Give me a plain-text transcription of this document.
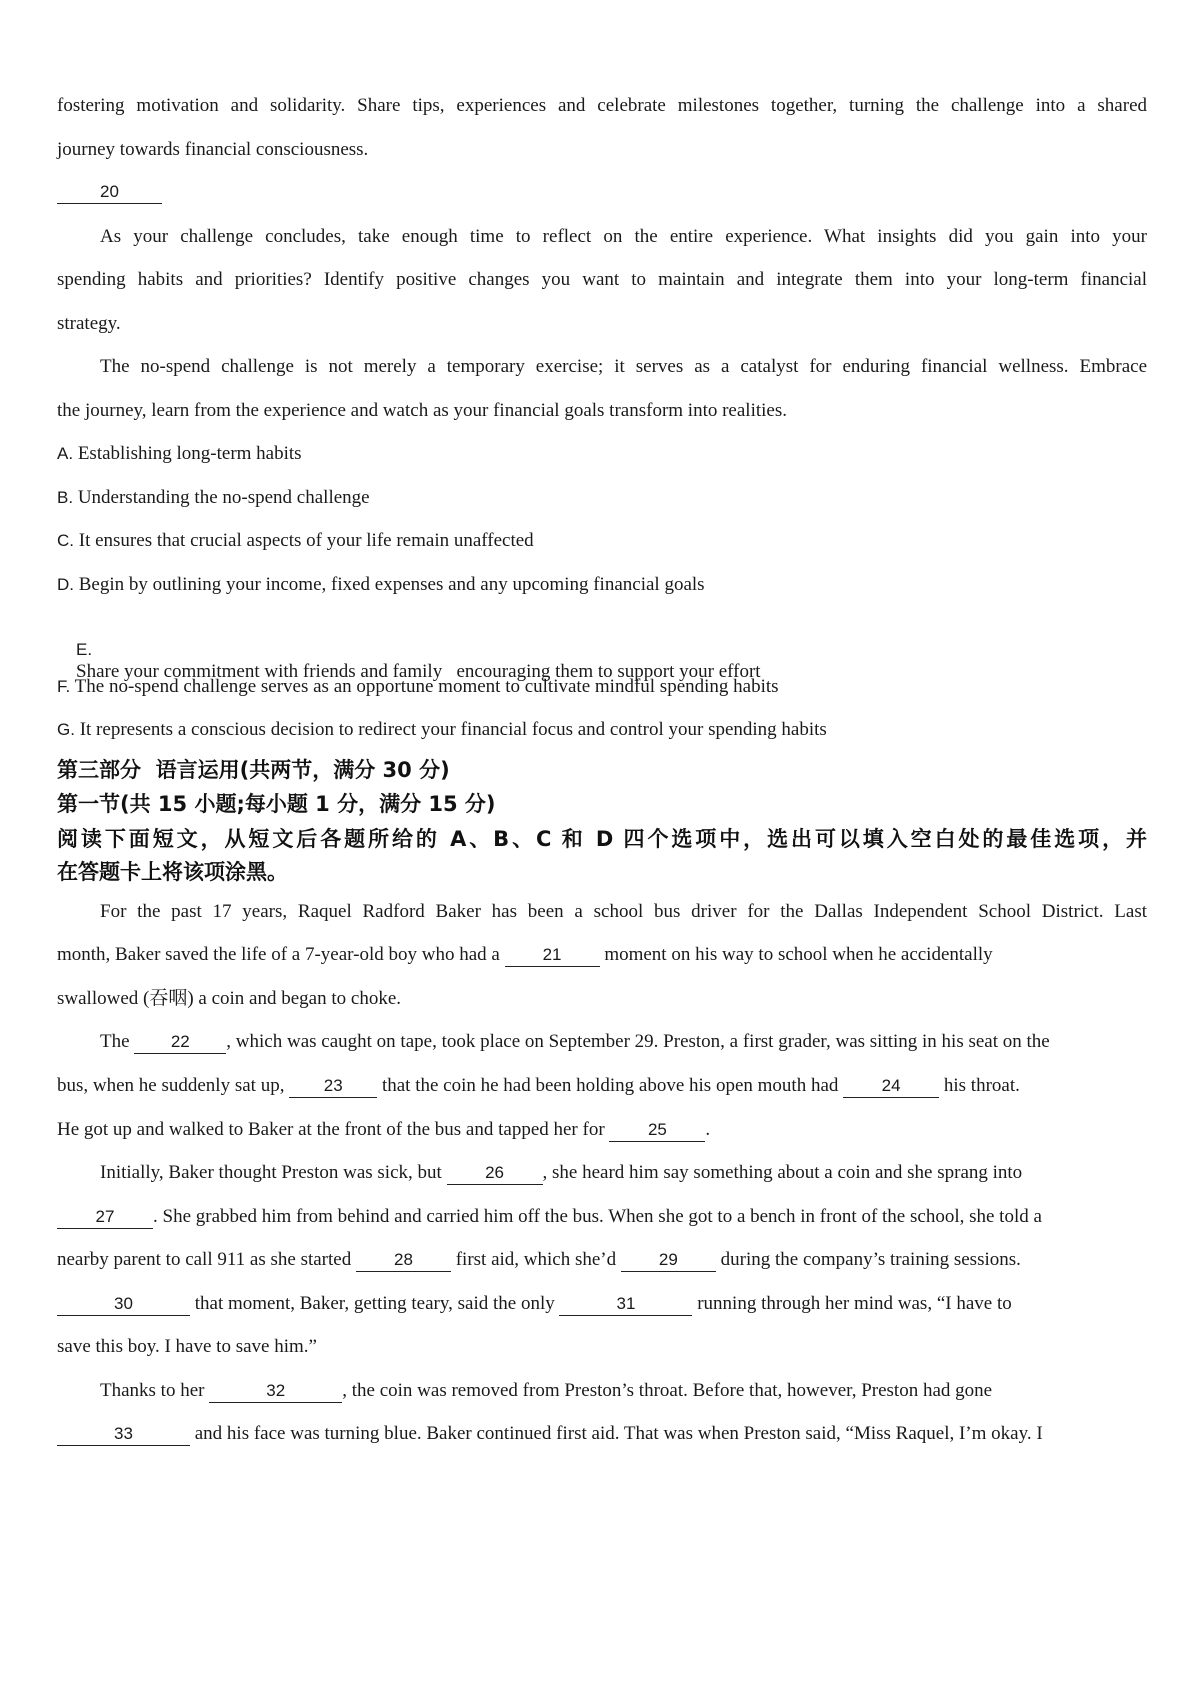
fostering motivation and solidarity. Share tips, experiences and celebrate milestones together, turning the challenge into a shared
journey towards financial consciousness.
20
As your challenge concludes, take enough time to reflect on the entire experience. What insights did you gain into your
spending habits and priorities? Identify positive changes you want to maintain and integrate them into your long-term financial
strategy.
The no-spend challenge is not merely a temporary exercise; it serves as a catalyst for enduring financial wellness. Embrace
the journey, learn from the experience and watch as your financial goals transform into realities.
A. Establishing long-term habits
B. Understanding the no-spend challenge
C. It ensures that crucial aspects of your life remain unaffected
D. Begin by outlining your income, fixed expenses and any upcoming financial goals

E.
Share your commitment with friends and family   encouraging them to support your effort

F. The no-spend challenge serves as an opportune moment to cultivate mindful spending habits
G. It represents a conscious decision to redirect your financial focus and control your spending habits
第三部分  语言运用(共两节，满分 30 分)
第一节(共 15 小题;每小题 1 分，满分 15 分)
阅读下面短文，从短文后各题所给的 A、B、C 和 D 四个选项中，选出可以填入空白处的最佳选项，并
在答题卡上将该项涂黑。
For the past 17 years, Raquel Radford Baker has been a school bus driver for the Dallas Independent School District. Last
month, Baker saved the life of a 7-year-old boy who had a	21 moment on his way to school when he accidentally
swallowed (吞咽) a coin and began to choke.
The 22 , which was caught on tape, took place on September 29. Preston, a first grader, was sitting in his seat on the
bus, when he suddenly sat up, 23 that the coin he had been holding above his open mouth had	24 his throat.
He got up and walked to Baker at the front of the bus and tapped her for	25 .
Initially, Baker thought Preston was sick, but	26 , she heard him say something about a coin and she sprang into
27 . She grabbed him from behind and carried him off the bus. When she got to a bench in front of the school, she told a
nearby parent to call 911 as she started	28 first aid, which she’d	29 during the company’s training sessions.
30	that moment, Baker, getting teary, said the only	31	running through her mind was, “I have to
save this boy. I have to save him.”
Thanks to her	32	, the coin was removed from Preston’s throat. Before that, however, Preston had gone
33	and his face was turning blue. Baker continued first aid. That was when Preston said, “Miss Raquel, I’m okay. I
